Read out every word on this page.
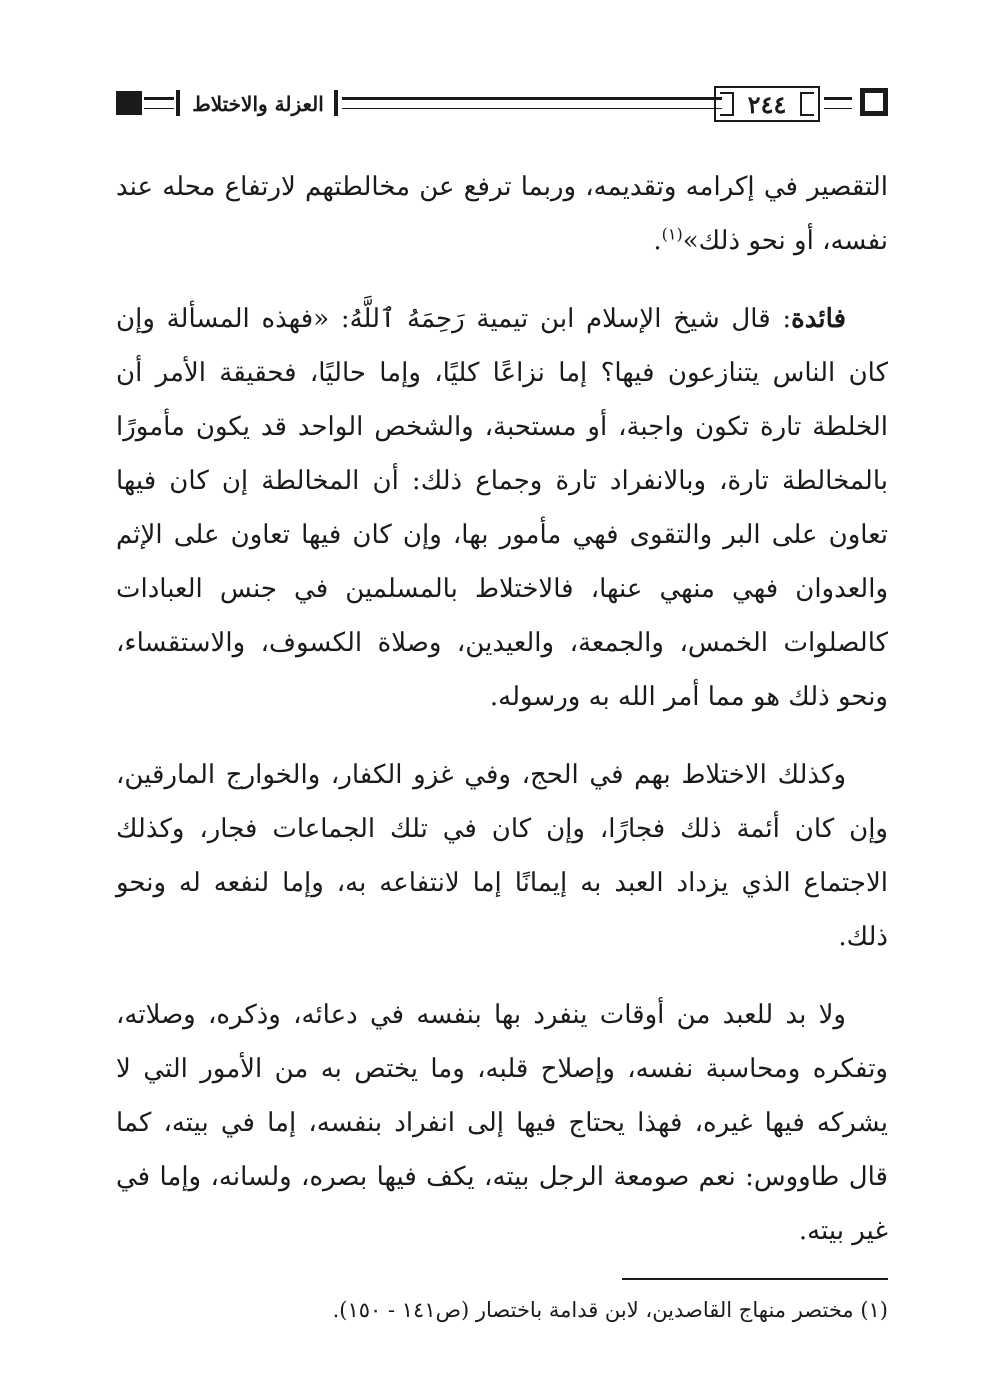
٢٤٤
العزلة والاختلاط

التقصير في إكرامه وتقديمه، وربما ترفع عن مخالطتهم لارتفاع محله عند نفسه، أو نحو ذلك»$^{(١)}$.

فائدة: قال شيخ الإسلام ابن تيمية رَحِمَهُ ٱللَّهُ: «فهذه المسألة وإن كان الناس يتنازعون فيها؟ إما نزاعًا كليًا، وإما حاليًا، فحقيقة الأمر أن الخلطة تارة تكون واجبة، أو مستحبة، والشخص الواحد قد يكون مأمورًا بالمخالطة تارة، وبالانفراد تارة وجماع ذلك: أن المخالطة إن كان فيها تعاون على البر والتقوى فهي مأمور بها، وإن كان فيها تعاون على الإثم والعدوان فهي منهي عنها، فالاختلاط بالمسلمين في جنس العبادات كالصلوات الخمس، والجمعة، والعيدين، وصلاة الكسوف، والاستقساء، ونحو ذلك هو مما أمر الله به ورسوله.

وكذلك الاختلاط بهم في الحج، وفي غزو الكفار، والخوارج المارقين، وإن كان أئمة ذلك فجارًا، وإن كان في تلك الجماعات فجار، وكذلك الاجتماع الذي يزداد العبد به إيمانًا إما لانتفاعه به، وإما لنفعه له ونحو ذلك.

ولا بد للعبد من أوقات ينفرد بها بنفسه في دعائه، وذكره، وصلاته، وتفكره ومحاسبة نفسه، وإصلاح قلبه، وما يختص به من الأمور التي لا يشركه فيها غيره، فهذا يحتاج فيها إلى انفراد بنفسه، إما في بيته، كما قال طاووس: نعم صومعة الرجل بيته، يكف فيها بصره، ولسانه، وإما في غير بيته.

(١) مختصر منهاج القاصدين، لابن قدامة باختصار (ص١٤١ - ١٥٠).
